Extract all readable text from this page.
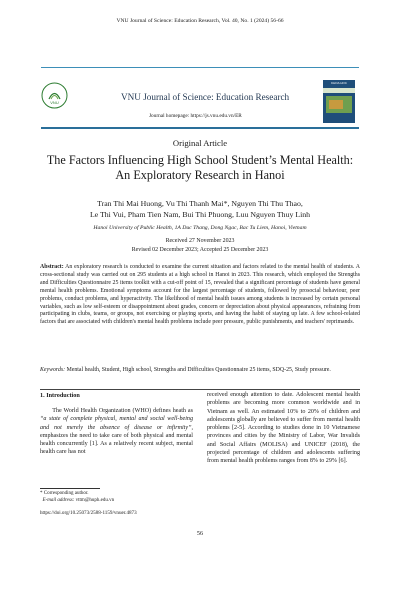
VNU Journal of Science: Education Research, Vol. 40, No. 1 (2024) 56-66
VNU
VNU Journal of Science: Education Research
Journal homepage: https://js.vnu.edu.vn/ER
KHOA HOC
Original Article
The Factors Influencing High School Student’s Mental Health:
An Exploratory Research in Hanoi
Tran Thi Mai Huong, Vu Thi Thanh Mai*, Nguyen Thi Thu Thao,
Le Thi Vui, Pham Tien Nam, Bui Thi Phuong, Luu Nguyen Thuy Linh
Hanoi University of Public Health, 1A Duc Thang, Dong Ngac, Bac Tu Liem, Hanoi, Vietnam
Received 27 November 2023
Revised 02 December 2023; Accepted 25 December 2023
Abstract: An exploratory research is conducted to examine the current situation and factors related to the mental health of students. A cross-sectional study was carried out on 295 students at a high school in Hanoi in 2023. This research, which employed the Strengths and Difficulties Questionnaire 25 items toolkit with a cut-off point of 15, revealed that a significant percentage of students have general mental health problems. Emotional symptoms account for the largest percentage of students, followed by prosocial behaviour, peer problems, conduct problems, and hyperactivity. The likelihood of mental health issues among students is increased by certain personal variables, such as low self-esteem or disappointment about grades, concern or depreciation about physical appearances, refraining from participating in clubs, teams, or groups, not exercising or playing sports, and having the habit of staying up late. A few school-related factors that are associated with children's mental health problems include peer pressure, public punishments, and teachers' reprimands.
Keywords: Mental health, Student, High school, Strengths and Difficulties Questionnaire 25 items, SDQ-25, Study pressure.
1. Introduction
  The World Health Organization (WHO) defines heath as “a state of complete physical, mental and social well-being and not merely the absence of disease or infirmity”, emphasizes the need to take care of both physical and mental health concurrently [1]. As a relatively recent subject, mental health care has not
received enough attention to date. Adolescent mental health problems are becoming more common worldwide and in Vietnam as well. An estimated 10% to 20% of children and adolescents globally are believed to suffer from mental health problems [2-5]. According to studies done in 10 Vietnamese provinces and cities by the Ministry of Labor, War Invalids and Social Affairs (MOLISA) and UNICEF (2018), the projected percentage of children and adolescents suffering from mental health problems ranges from 8% to 29% [6].
* Corresponding author.
E-mail address: vttm@huph.edu.vn
https://doi.org/10.25073/2588-1159/vnuer.4873
56
